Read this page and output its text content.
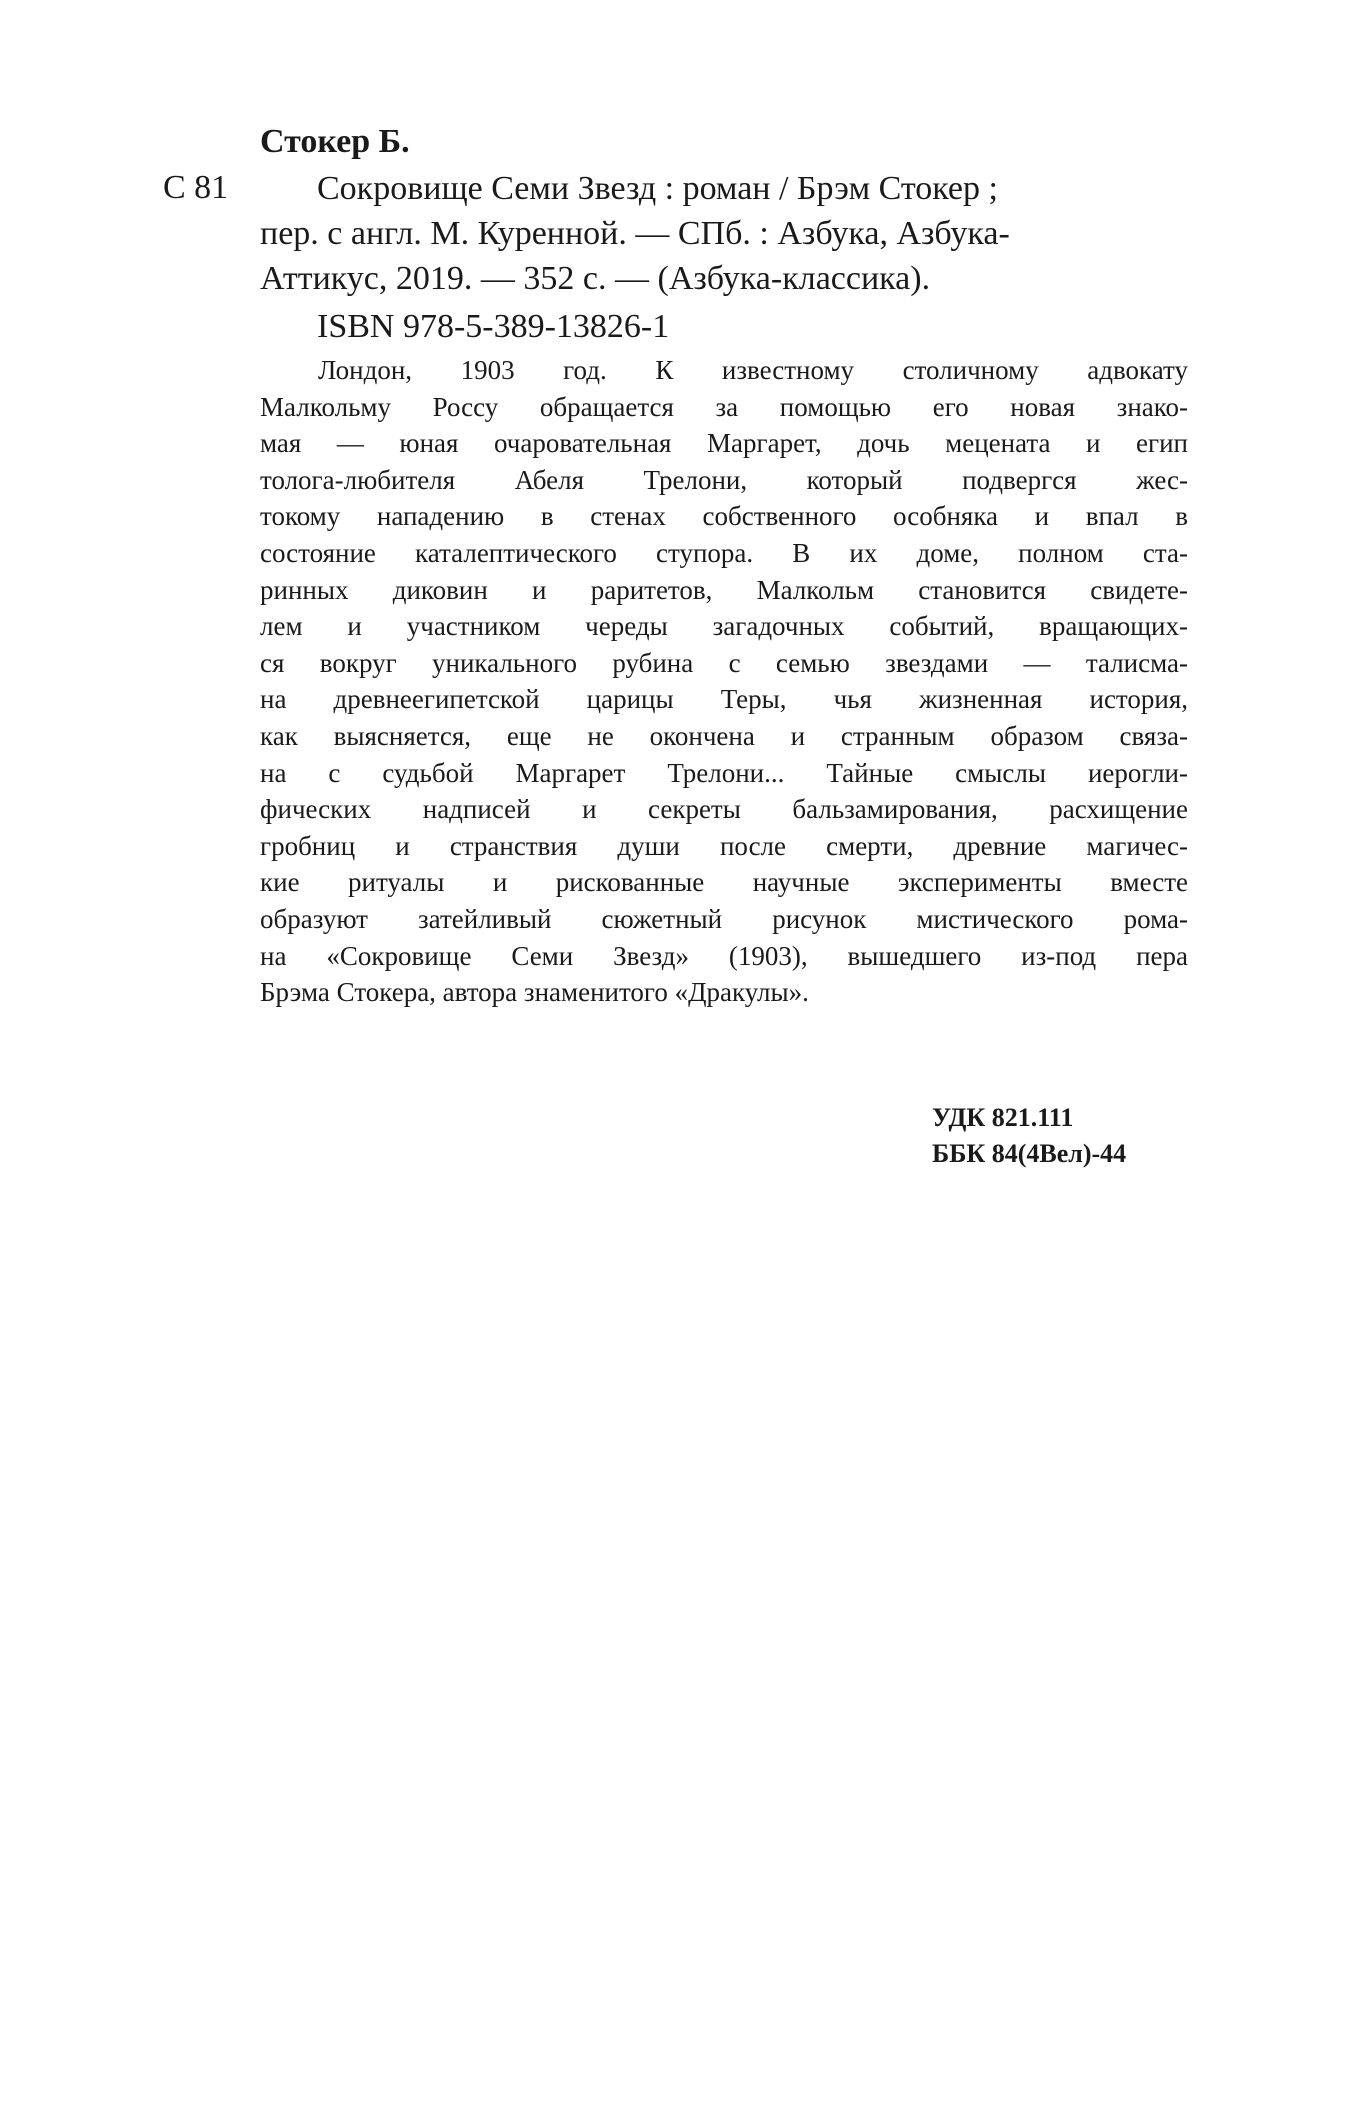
Стокер Б.
С 81	Сокровище Семи Звезд : роман / Брэм Стокер ;
пер. с англ. М. Куренной. — СПб. : Азбука, Азбука-
Аттикус, 2019. — 352 с. — (Азбука-классика).
ISBN 978-5-389-13826-1
Лондон, 1903 год. К известному столичному адвокату
Малкольму Россу обращается за помощью его новая знако-
мая — юная очаровательная Маргарет, дочь мецената и егип
толога-любителя Абеля Трелони, который подвергся жес-
токому нападению в стенах собственного особняка и впал в
состояние каталептического ступора. В их доме, полном ста-
ринных диковин и раритетов, Малкольм становится свидете-
лем и участником череды загадочных событий, вращающих-
ся вокруг уникального рубина с семью звездами — талисма-
на древнеегипетской царицы Теры, чья жизненная история,
как выясняется, еще не окончена и странным образом связа-
на с судьбой Маргарет Трелони... Тайные смыслы иерогли-
фических надписей и секреты бальзамирования, расхищение
гробниц и странствия души после смерти, древние магичес-
кие ритуалы и рискованные научные эксперименты вместе
образуют затейливый сюжетный рисунок мистического рома-
на «Сокровище Семи Звезд» (1903), вышедшего из-под пера
Брэма Стокера, автора знаменитого «Дракулы».
УДК 821.111
ББК 84(4Вел)-44
